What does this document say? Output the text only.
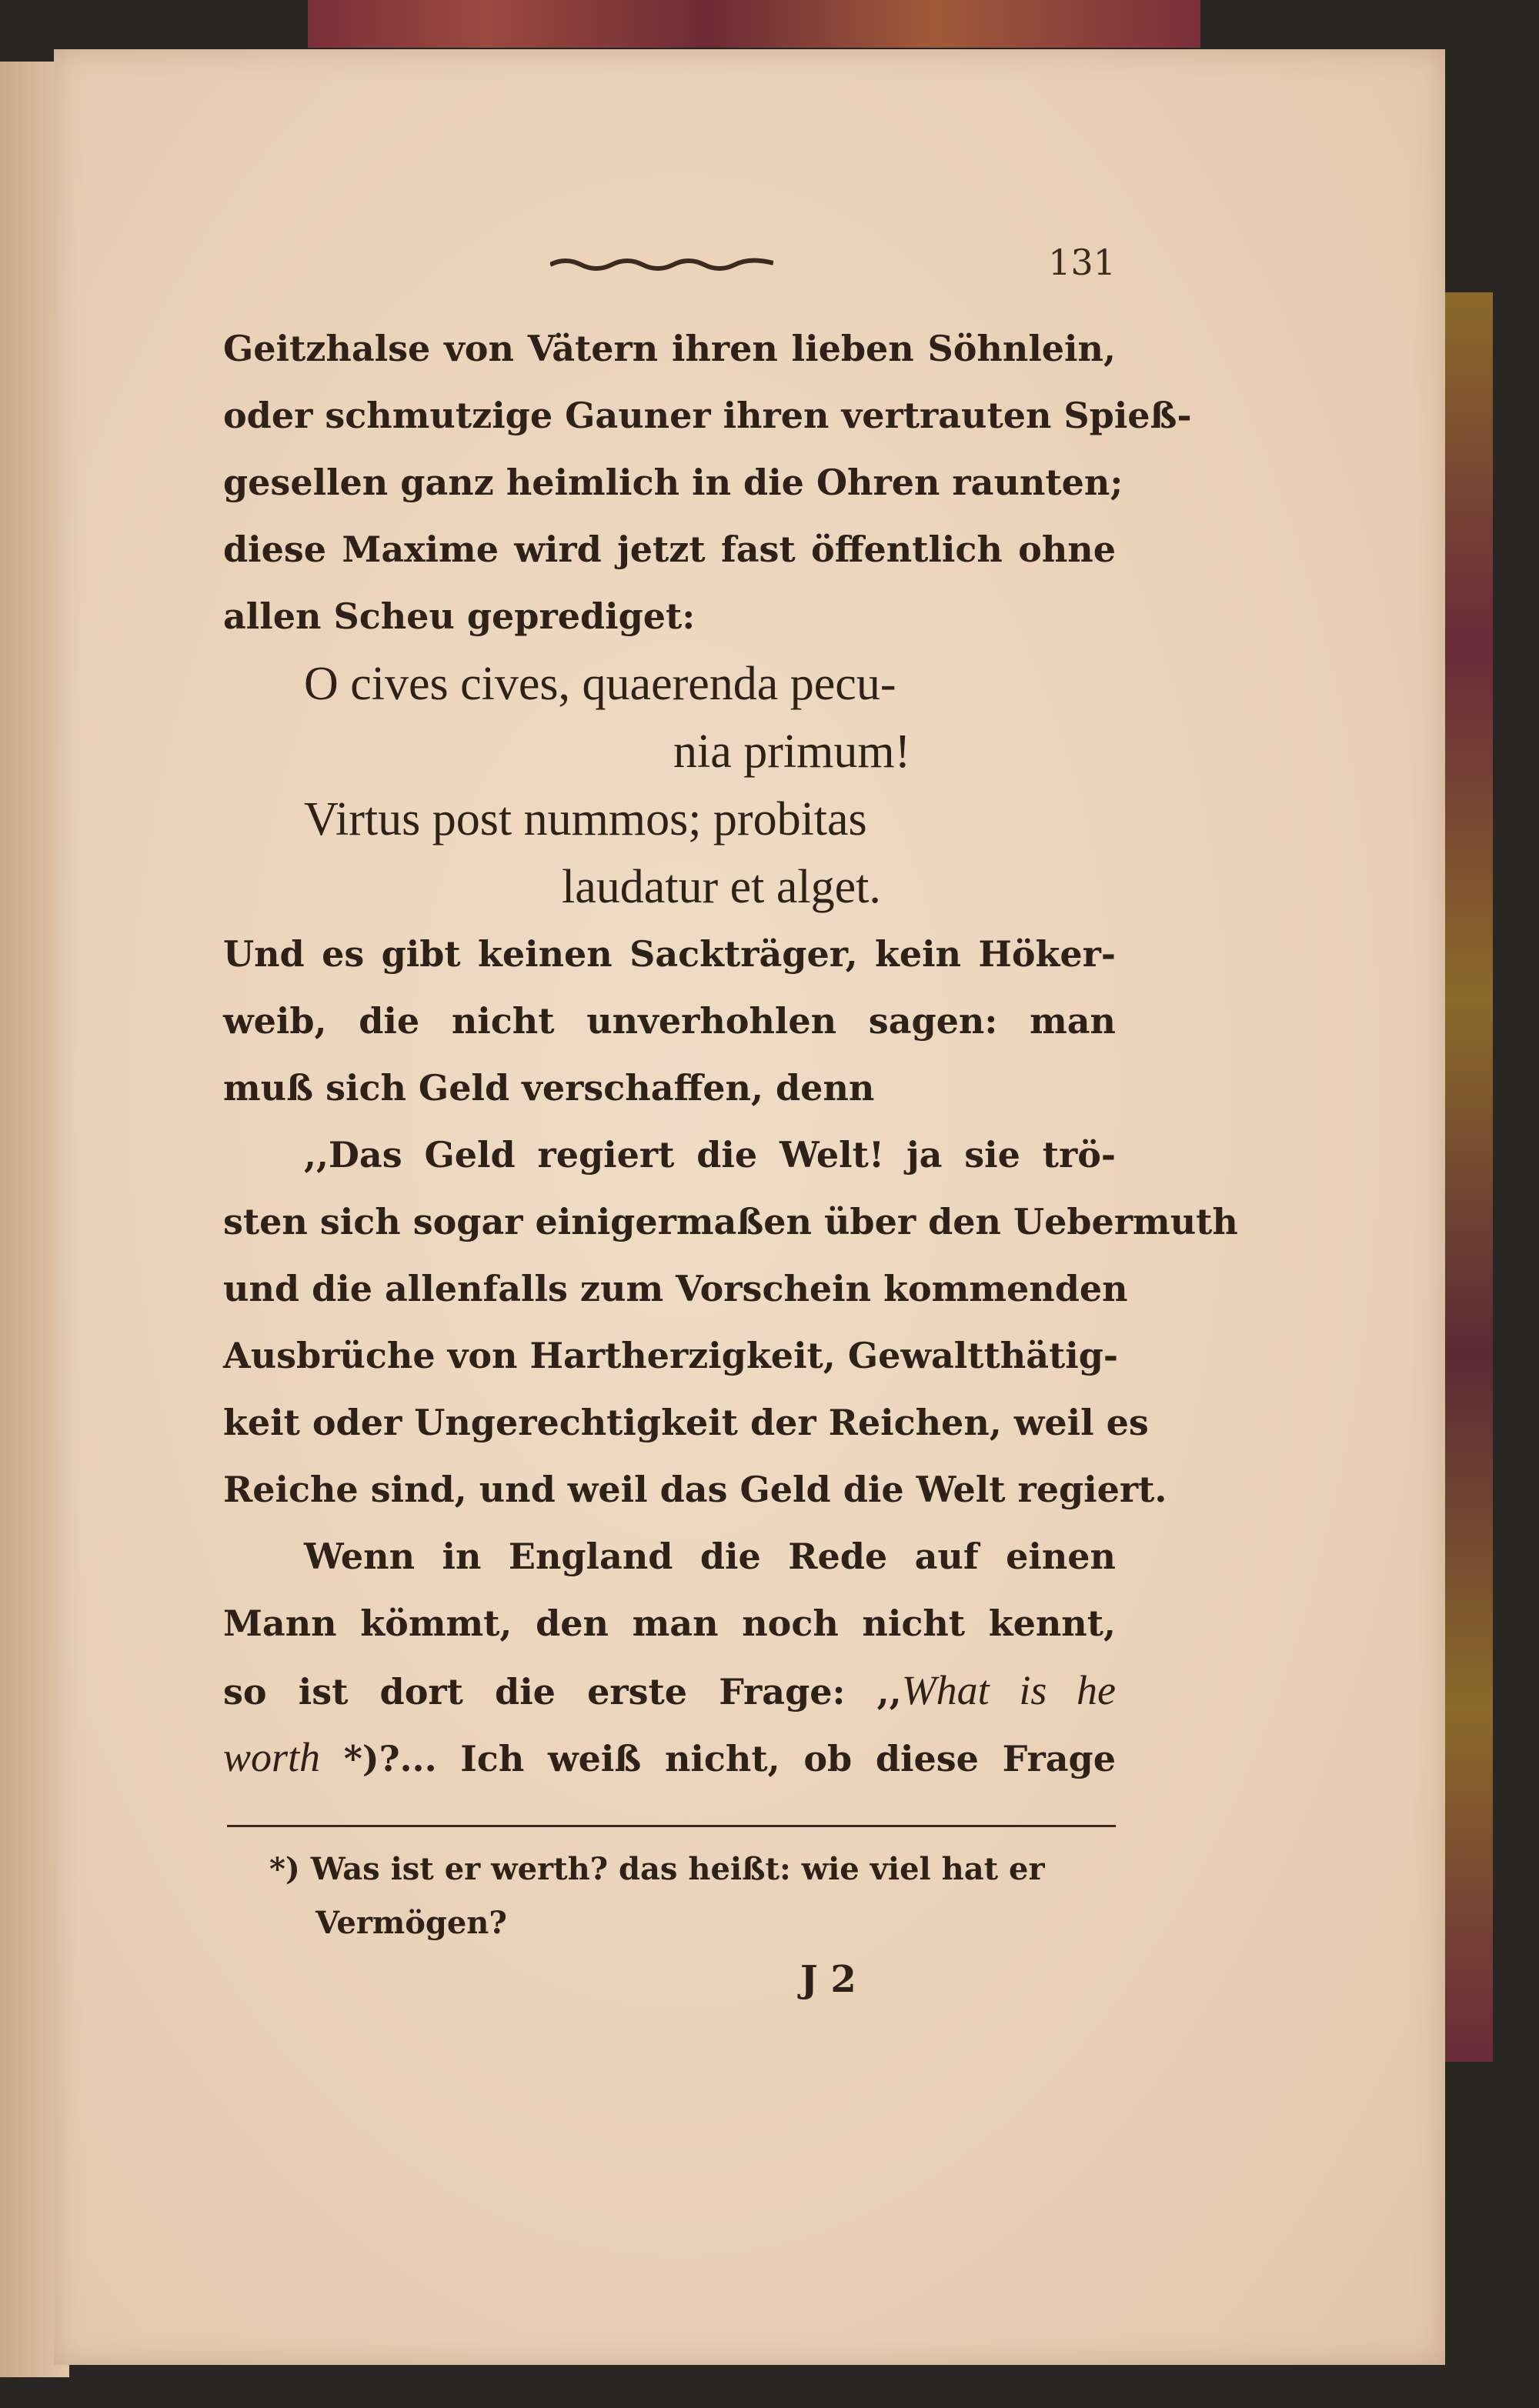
131
Geitzhalse von Vätern ihren lieben Söhnlein,
oder schmutzige Gauner ihren vertrauten Spieß-
gesellen ganz heimlich in die Ohren raunten;
diese Maxime wird jetzt fast öffentlich ohne
allen Scheu geprediget:
O cives cives, quaerenda pecu-
nia primum!
Virtus post nummos; probitas
laudatur et alget.
Und es gibt keinen Sackträger, kein Höker-
weib, die nicht unverhohlen sagen: man
muß sich Geld verschaffen, denn
,,Das Geld regiert die Welt! ja sie trö-
sten sich sogar einigermaßen über den Uebermuth
und die allenfalls zum Vorschein kommenden
Ausbrüche von Hartherzigkeit, Gewaltthätig-
keit oder Ungerechtigkeit der Reichen, weil es
Reiche sind, und weil das Geld die Welt regiert.
Wenn in England die Rede auf einen
Mann kömmt, den man noch nicht kennt,
so ist dort die erste Frage: ,,What is he
worth *)?... Ich weiß nicht, ob diese Frage
*) Was ist er werth? das heißt: wie viel hat er
Vermögen?
J 2
